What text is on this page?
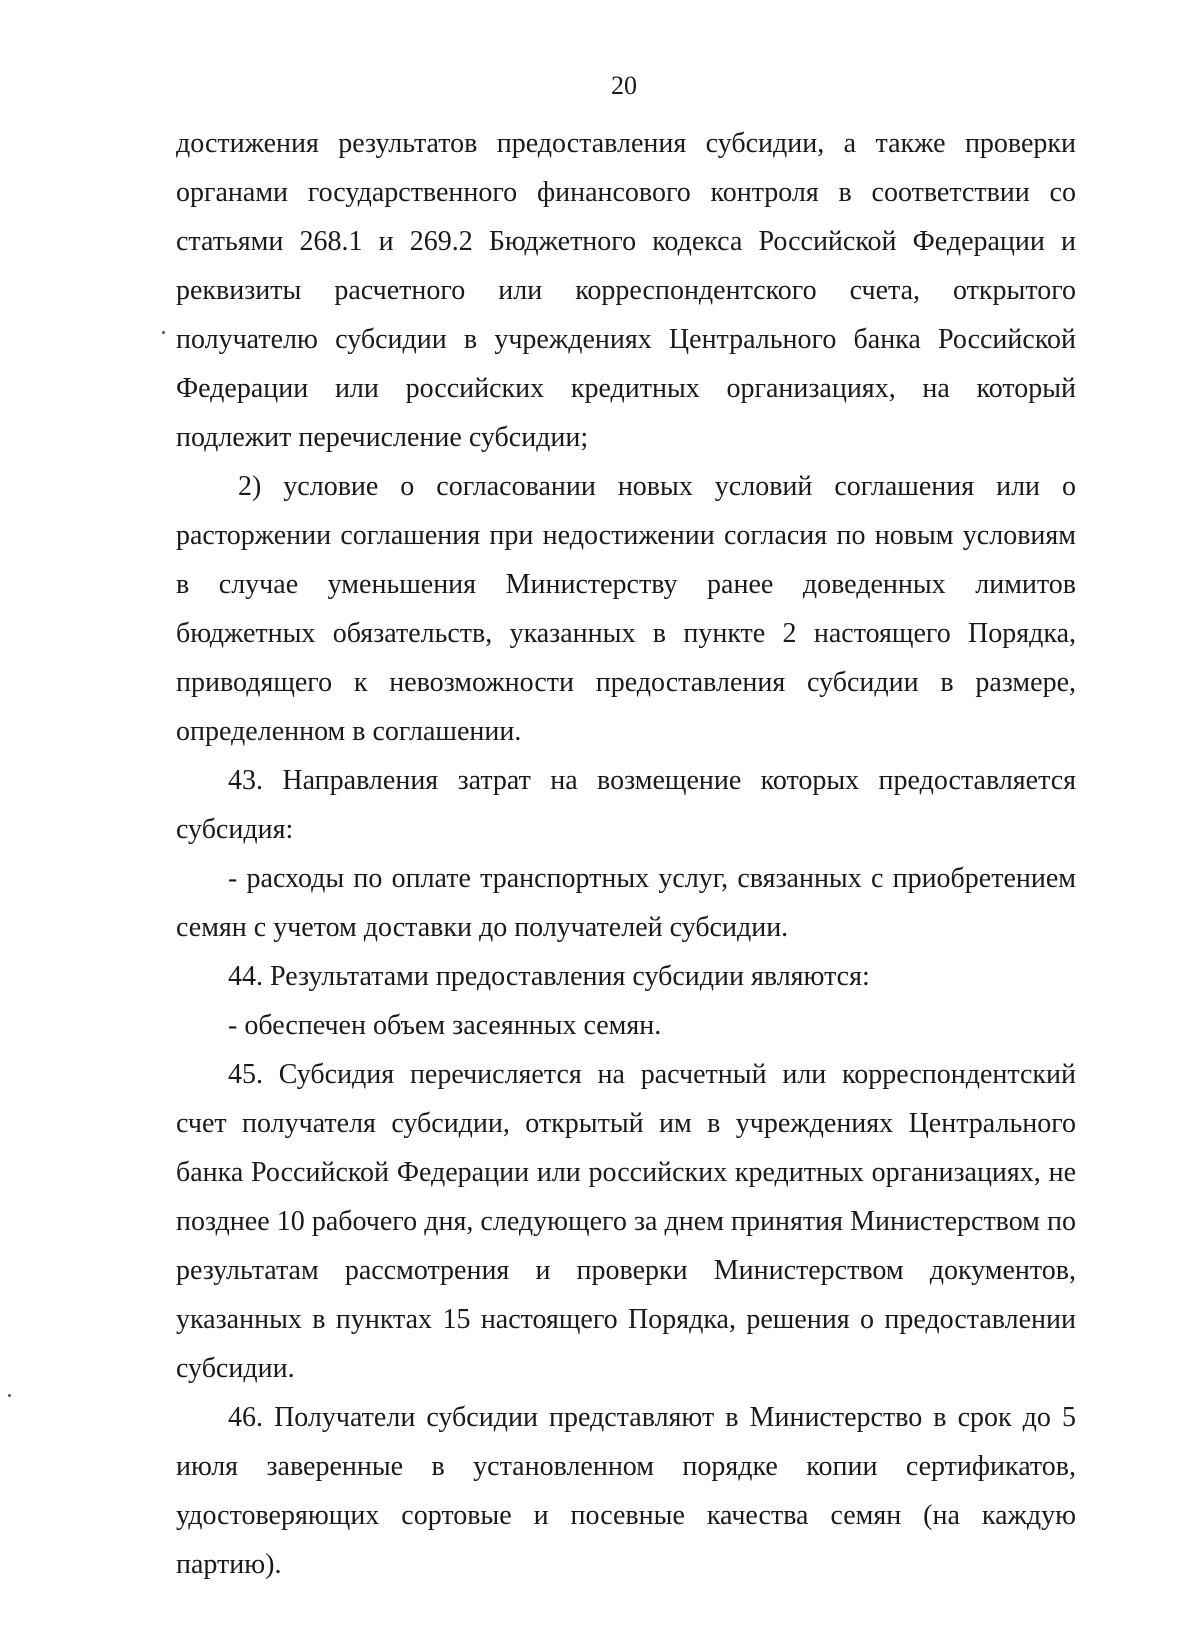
20

достижения результатов предоставления субсидии, а также проверки органами государственного финансового контроля в соответствии со статьями 268.1 и 269.2 Бюджетного кодекса Российской Федерации и реквизиты расчетного или корреспондентского счета, открытого получателю субсидии в учреждениях Центрального банка Российской Федерации или российских кредитных организациях, на который подлежит перечисление субсидии;

2) условие о согласовании новых условий соглашения или о расторжении соглашения при недостижении согласия по новым условиям в случае уменьшения Министерству ранее доведенных лимитов бюджетных обязательств, указанных в пункте 2 настоящего Порядка, приводящего к невозможности предоставления субсидии в размере, определенном в соглашении.

43. Направления затрат на возмещение которых предоставляется субсидия:

- расходы по оплате транспортных услуг, связанных с приобретением семян с учетом доставки до получателей субсидии.

44. Результатами предоставления субсидии являются:

- обеспечен объем засеянных семян.

45. Субсидия перечисляется на расчетный или корреспондентский счет получателя субсидии, открытый им в учреждениях Центрального банка Российской Федерации или российских кредитных организациях, не позднее 10 рабочего дня, следующего за днем принятия Министерством по результатам рассмотрения и проверки Министерством документов, указанных в пунктах 15 настоящего Порядка, решения о предоставлении субсидии.

46. Получатели субсидии представляют в Министерство в срок до 5 июля заверенные в установленном порядке копии сертификатов, удостоверяющих сортовые и посевные качества семян (на каждую партию).
